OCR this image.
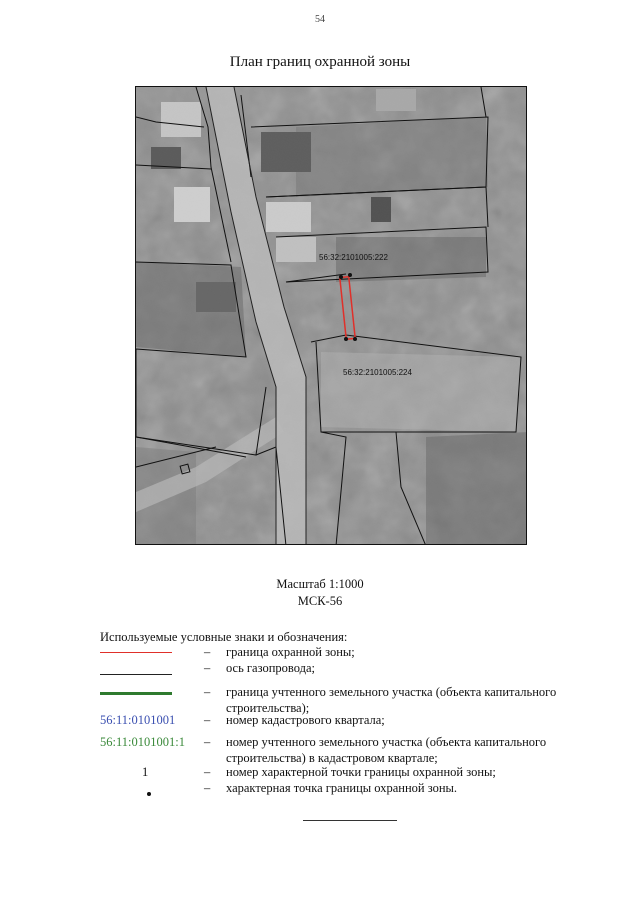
54
План границ охранной зоны
56:32:2101005:222
56:32:2101005:224
Масштаб 1:1000
МСК-56
Используемые условные знаки и обозначения:
– граница охранной зоны;
– ось газопровода;
– граница учтенного земельного участка (объекта капитального строительства);
56:11:0101001	– номер кадастрового квартала;
56:11:0101001:1 – номер учтенного земельного участка (объекта капитального строительства) в кадастровом квартале;
1	– номер характерной точки границы охранной зоны;
– характерная точка границы охранной зоны.
